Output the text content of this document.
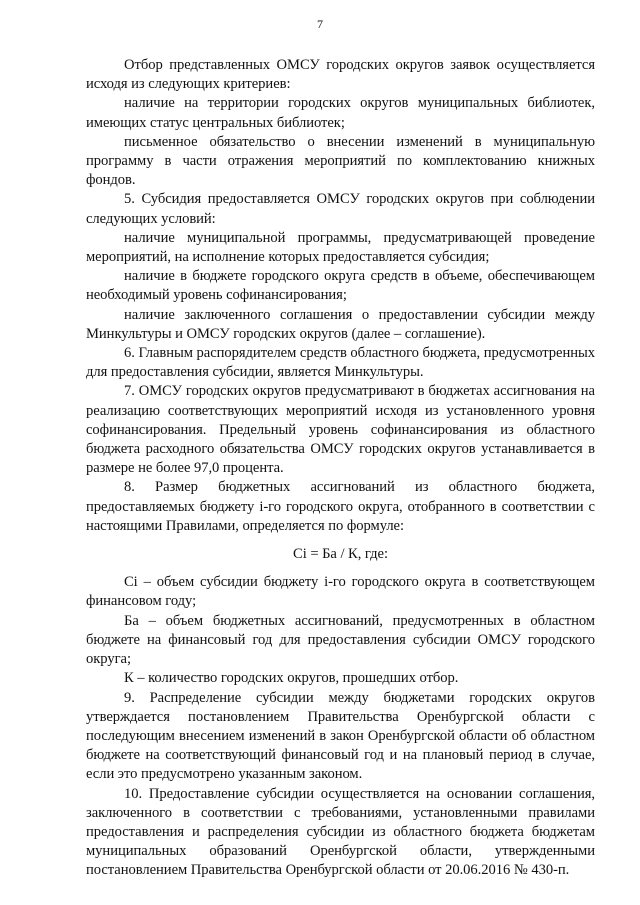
7

Отбор представленных ОМСУ городских округов заявок осуществляется исходя из следующих критериев:

наличие на территории городских округов муниципальных библиотек, имеющих статус центральных библиотек;

письменное обязательство о внесении изменений в муниципальную программу в части отражения мероприятий по комплектованию книжных фондов.

5. Субсидия предоставляется ОМСУ городских округов при соблюдении следующих условий:

наличие муниципальной программы, предусматривающей проведение мероприятий, на исполнение которых предоставляется субсидия;

наличие в бюджете городского округа средств в объеме, обеспечивающем необходимый уровень софинансирования;

наличие заключенного соглашения о предоставлении субсидии между Минкультуры и ОМСУ городских округов (далее – соглашение).

6. Главным распорядителем средств областного бюджета, предусмотренных для предоставления субсидии, является Минкультуры.

7. ОМСУ городских округов предусматривают в бюджетах ассигнования на реализацию соответствующих мероприятий исходя из установленного уровня софинансирования. Предельный уровень софинансирования из областного бюджета расходного обязательства ОМСУ городских округов устанавливается в размере не более 97,0 процента.

8. Размер бюджетных ассигнований из областного бюджета, предоставляемых бюджету i-го городского округа, отобранного в соответствии с настоящими Правилами, определяется по формуле:

Ci = Ба / К, где:

Ci – объем субсидии бюджету i-го городского округа в соответствующем финансовом году;

Ба – объем бюджетных ассигнований, предусмотренных в областном бюджете на финансовый год для предоставления субсидии ОМСУ городского округа;

К – количество городских округов, прошедших отбор.

9. Распределение субсидии между бюджетами городских округов утверждается постановлением Правительства Оренбургской области с последующим внесением изменений в закон Оренбургской области об областном бюджете на соответствующий финансовый год и на плановый период в случае, если это предусмотрено указанным законом.

10. Предоставление субсидии осуществляется на основании соглашения, заключенного в соответствии с требованиями, установленными правилами предоставления и распределения субсидии из областного бюджета бюджетам муниципальных образований Оренбургской области, утвержденными постановлением Правительства Оренбургской области от 20.06.2016 № 430-п.
